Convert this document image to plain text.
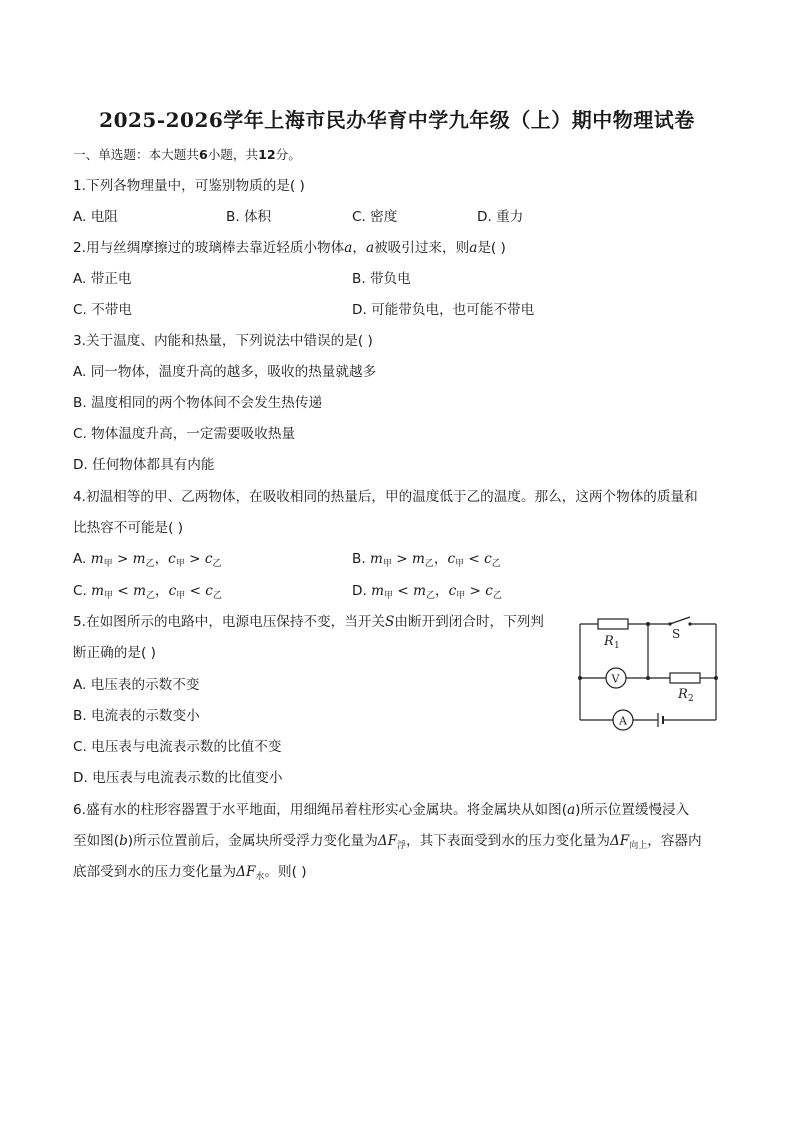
2025-2026学年上海市民办华育中学九年级（上）期中物理试卷
一、单选题：本大题共6小题，共12分。
1.下列各物理量中，可鉴别物质的是( )
A. 电阻	B. 体积	C. 密度	D. 重力
2.用与丝绸摩擦过的玻璃棒去靠近轻质小物体a，a被吸引过来，则a是( )
A. 带正电	B. 带负电
C. 不带电	D. 可能带负电，也可能不带电
3.关于温度、内能和热量，下列说法中错误的是( )
A. 同一物体，温度升高的越多，吸收的热量就越多
B. 温度相同的两个物体间不会发生热传递
C. 物体温度升高，一定需要吸收热量
D. 任何物体都具有内能
4.初温相等的甲、乙两物体，在吸收相同的热量后，甲的温度低于乙的温度。那么，这两个物体的质量和
比热容不可能是( )
A. $m_甲 > m_乙$，$c_甲 > c_乙$	B. $m_甲 > m_乙$，$c_甲 < c_乙$
C. $m_甲 < m_乙$，$c_甲 < c_乙$	D. $m_甲 < m_乙$，$c_甲 > c_乙$
5.在如图所示的电路中，电源电压保持不变，当开关S由断开到闭合时，下列判
断正确的是( )
A. 电压表的示数不变
B. 电流表的示数变小
C. 电压表与电流表示数的比值不变
D. 电压表与电流表示数的比值变小
R 1
R 2
S
V
A
6.盛有水的柱形容器置于水平地面，用细绳吊着柱形实心金属块。将金属块从如图(a)所示位置缓慢浸入
至如图(b)所示位置前后，金属块所受浮力变化量为$\Delta F_浮$，其下表面受到水的压力变化量为$\Delta F_{向上}$，容器内
底部受到水的压力变化量为$\Delta F_水$。则( )
